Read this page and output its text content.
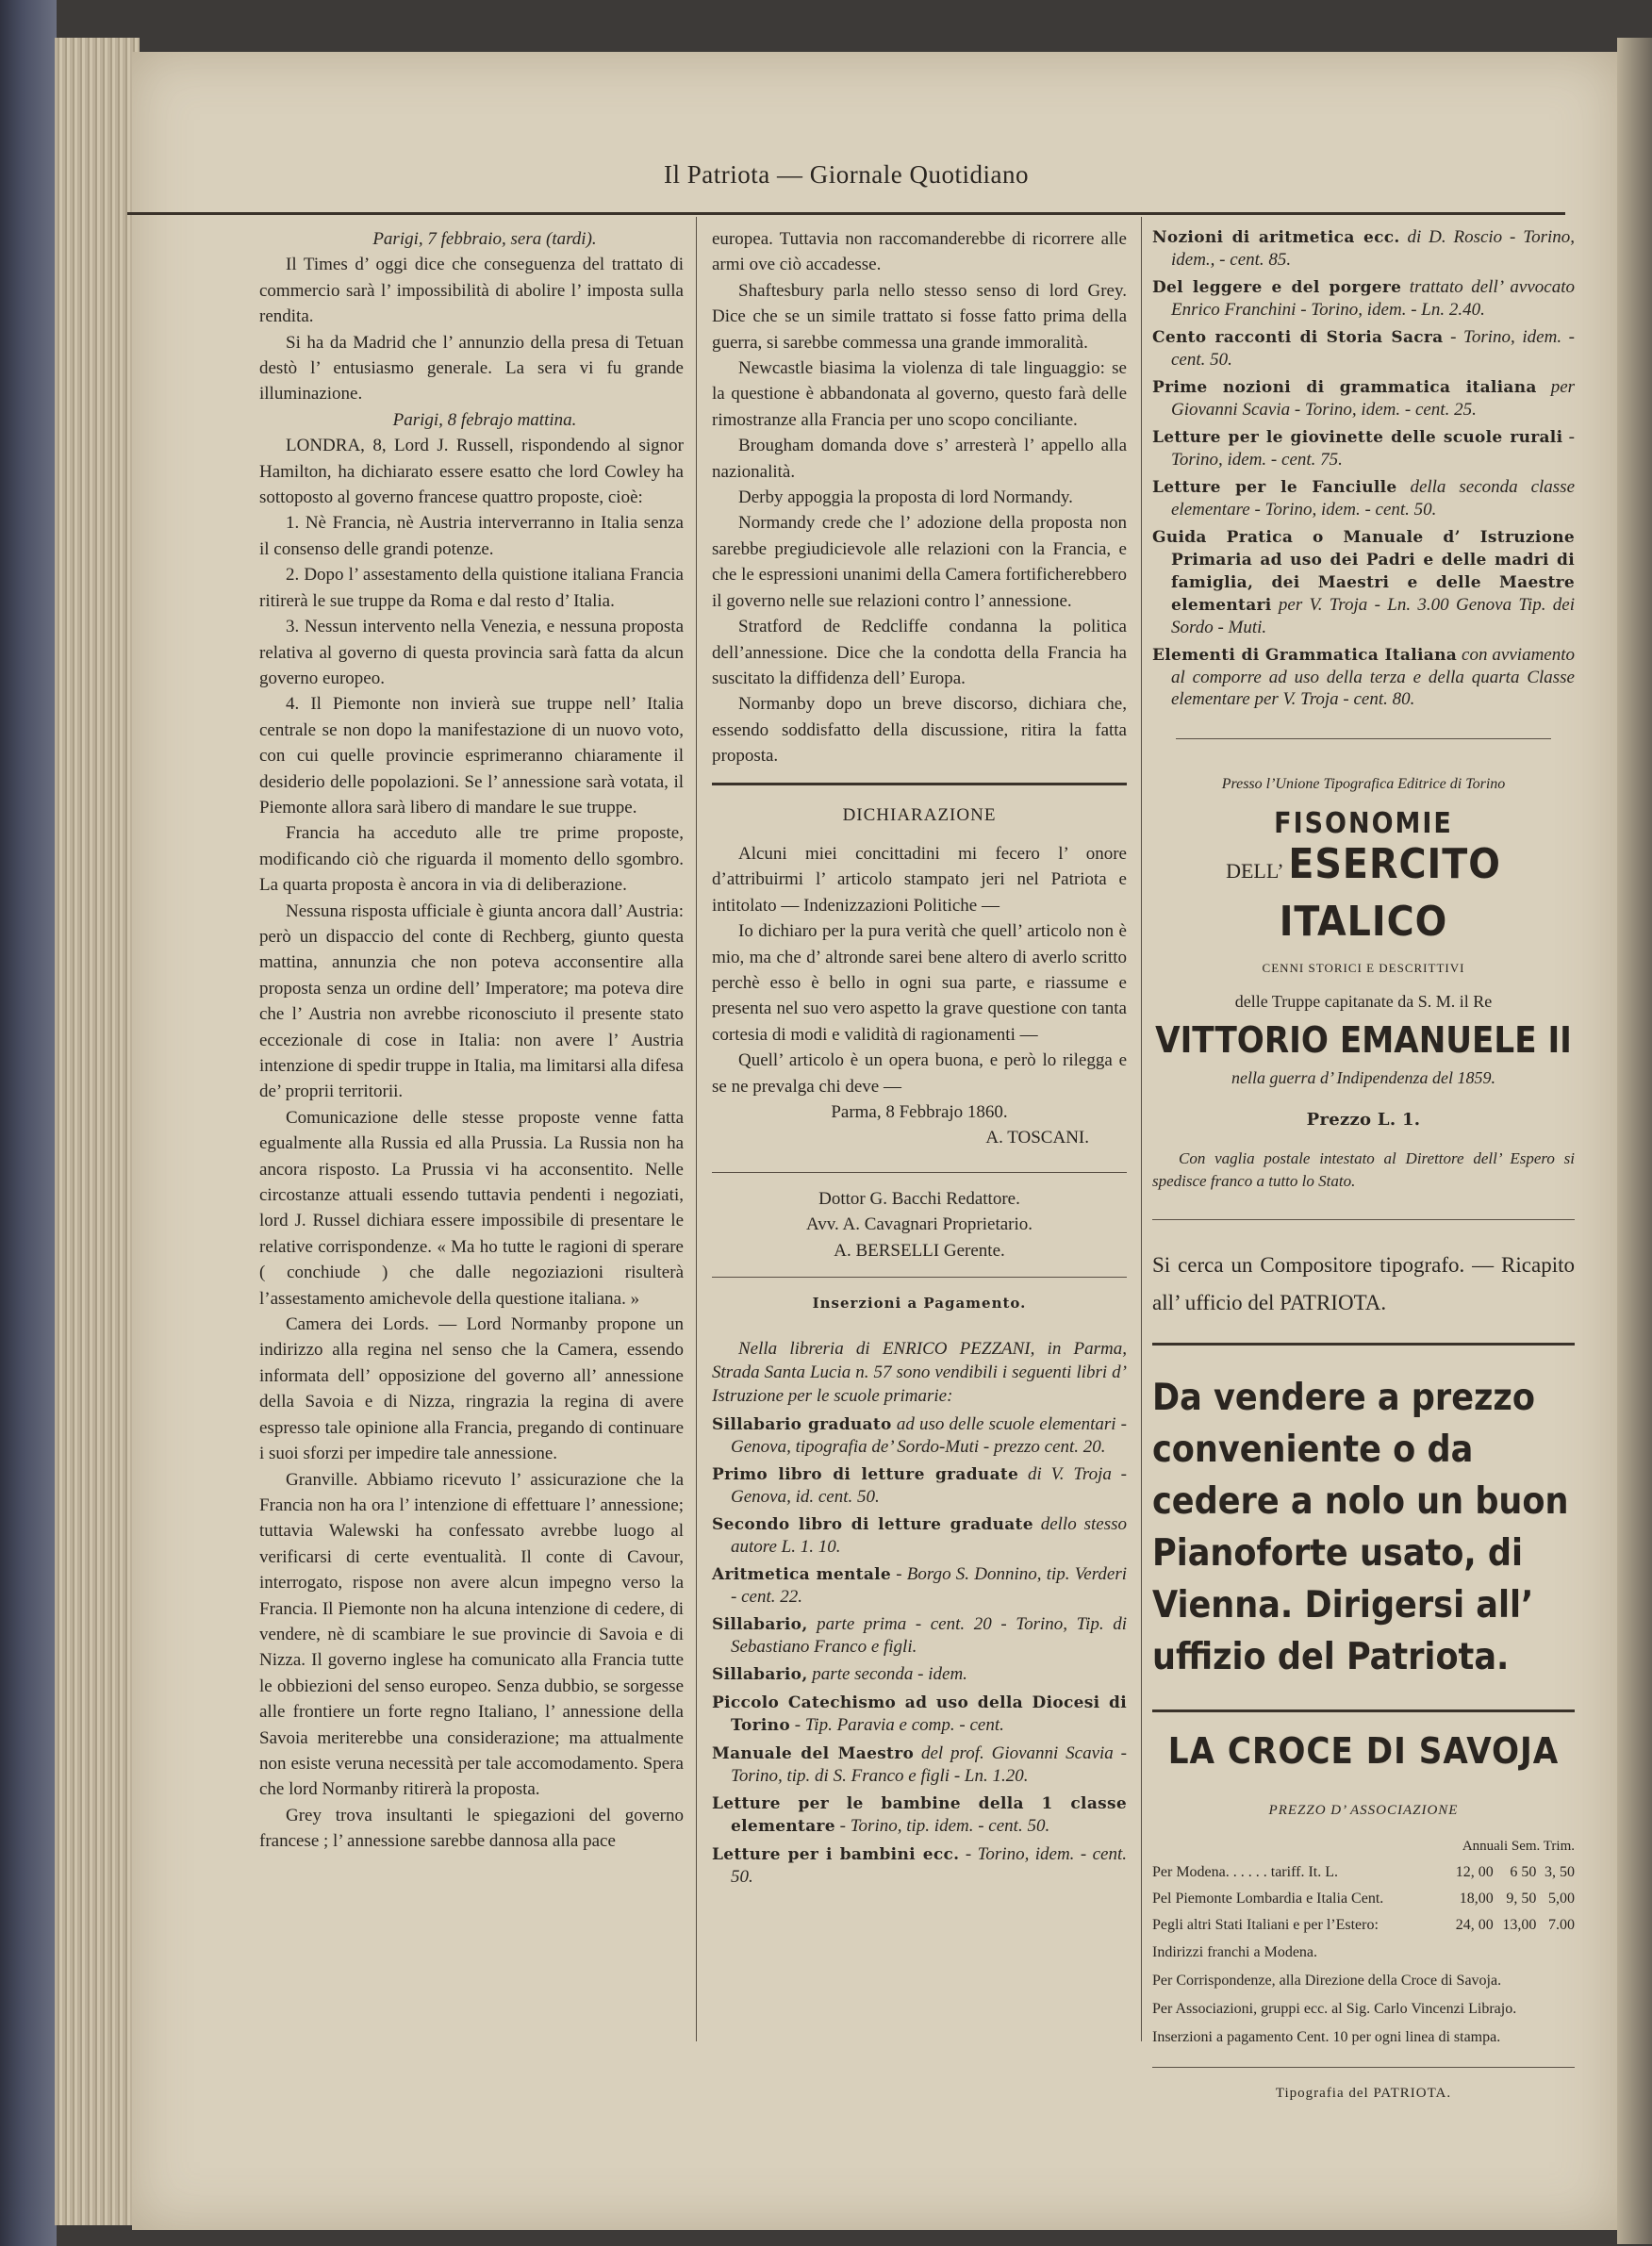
Il Patriota — Giornale Quotidiano

Parigi, 7 febbraio, sera (tardi).

Il Times d’ oggi dice che conseguenza del trattato di commercio sarà l’ impossibilità di abolire l’ imposta sulla rendita.

Si ha da Madrid che l’ annunzio della presa di Tetuan destò l’ entusiasmo generale. La sera vi fu grande illuminazione.

Parigi, 8 febrajo mattina.

LONDRA, 8, Lord J. Russell, rispondendo al signor Hamilton, ha dichiarato essere esatto che lord Cowley ha sottoposto al governo francese quattro proposte, cioè:

1. Nè Francia, nè Austria interverranno in Italia senza il consenso delle grandi potenze.

2. Dopo l’ assestamento della quistione italiana Francia ritirerà le sue truppe da Roma e dal resto d’ Italia.

3. Nessun intervento nella Venezia, e nessuna proposta relativa al governo di questa provincia sarà fatta da alcun governo europeo.

4. Il Piemonte non invierà sue truppe nell’ Italia centrale se non dopo la manifestazione di un nuovo voto, con cui quelle provincie esprimeranno chiaramente il desiderio delle popolazioni. Se l’ annessione sarà votata, il Piemonte allora sarà libero di mandare le sue truppe.

Francia ha acceduto alle tre prime proposte, modificando ciò che riguarda il momento dello sgombro. La quarta proposta è ancora in via di deliberazione.

Nessuna risposta ufficiale è giunta ancora dall’ Austria: però un dispaccio del conte di Rechberg, giunto questa mattina, annunzia che non poteva acconsentire alla proposta senza un ordine dell’ Imperatore; ma poteva dire che l’ Austria non avrebbe riconosciuto il presente stato eccezionale di cose in Italia: non avere l’ Austria intenzione di spedir truppe in Italia, ma limitarsi alla difesa de’ proprii territorii.

Comunicazione delle stesse proposte venne fatta egualmente alla Russia ed alla Prussia. La Russia non ha ancora risposto. La Prussia vi ha acconsentito. Nelle circostanze attuali essendo tuttavia pendenti i negoziati, lord J. Russel dichiara essere impossibile di presentare le relative corrispondenze. « Ma ho tutte le ragioni di sperare ( conchiude ) che dalle negoziazioni risulterà l’assestamento amichevole della questione italiana. »

Camera dei Lords. — Lord Normanby propone un indirizzo alla regina nel senso che la Camera, essendo informata dell’ opposizione del governo all’ annessione della Savoia e di Nizza, ringrazia la regina di avere espresso tale opinione alla Francia, pregando di continuare i suoi sforzi per impedire tale annessione.

Granville. Abbiamo ricevuto l’ assicurazione che la Francia non ha ora l’ intenzione di effettuare l’ annessione; tuttavia Walewski ha confessato avrebbe luogo al verificarsi di certe eventualità. Il conte di Cavour, interrogato, rispose non avere alcun impegno verso la Francia. Il Piemonte non ha alcuna intenzione di cedere, di vendere, nè di scambiare le sue provincie di Savoia e di Nizza. Il governo inglese ha comunicato alla Francia tutte le obbiezioni del senso europeo. Senza dubbio, se sorgesse alle frontiere un forte regno Italiano, l’ annessione della Savoia meriterebbe una considerazione; ma attualmente non esiste veruna necessità per tale accomodamento. Spera che lord Normanby ritirerà la proposta.

Grey trova insultanti le spiegazioni del governo francese ; l’ annessione sarebbe dannosa alla pace

europea. Tuttavia non raccomanderebbe di ricorrere alle armi ove ciò accadesse.

Shaftesbury parla nello stesso senso di lord Grey. Dice che se un simile trattato si fosse fatto prima della guerra, si sarebbe commessa una grande immoralità.

Newcastle biasima la violenza di tale linguaggio: se la questione è abbandonata al governo, questo farà delle rimostranze alla Francia per uno scopo conciliante.

Brougham domanda dove s’ arresterà l’ appello alla nazionalità.

Derby appoggia la proposta di lord Normandy.

Normandy crede che l’ adozione della proposta non sarebbe pregiudicievole alle relazioni con la Francia, e che le espressioni unanimi della Camera fortificherebbero il governo nelle sue relazioni contro l’ annessione.

Stratford de Redcliffe condanna la politica dell’annessione. Dice che la condotta della Francia ha suscitato la diffidenza dell’ Europa.

Normanby dopo un breve discorso, dichiara che, essendo soddisfatto della discussione, ritira la fatta proposta.

DICHIARAZIONE

Alcuni miei concittadini mi fecero l’ onore d’attribuirmi l’ articolo stampato jeri nel Patriota e intitolato — Indenizzazioni Politiche —

Io dichiaro per la pura verità che quell’ articolo non è mio, ma che d’ altronde sarei bene altero di averlo scritto perchè esso è bello in ogni sua parte, e riassume e presenta nel suo vero aspetto la grave questione con tanta cortesia di modi e validità di ragionamenti —

Quell’ articolo è un opera buona, e però lo rilegga e se ne prevalga chi deve —

Parma, 8 Febbrajo 1860.

A. TOSCANI.

Dottor G. Bacchi Redattore.
Avv. A. Cavagnari Proprietario.
A. BERSELLI Gerente.

Inserzioni a Pagamento.

Nella libreria di ENRICO PEZZANI, in Parma, Strada Santa Lucia n. 57 sono vendibili i seguenti libri d’ Istruzione per le scuole primarie:

Sillabario graduato ad uso delle scuole elementari - Genova, tipografia de’ Sordo-Muti - prezzo cent. 20.

Primo libro di letture graduate di V. Troja - Genova, id. cent. 50.

Secondo libro di letture graduate dello stesso autore L. 1. 10.

Aritmetica mentale - Borgo S. Donnino, tip. Verderi - cent. 22.

Sillabario, parte prima - cent. 20 - Torino, Tip. di Sebastiano Franco e figli.

Sillabario, parte seconda - idem.

Piccolo Catechismo ad uso della Diocesi di Torino - Tip. Paravia e comp. - cent.

Manuale del Maestro del prof. Giovanni Scavia - Torino, tip. di S. Franco e figli - Ln. 1.20.

Letture per le bambine della 1 classe elementare - Torino, tip. idem. - cent. 50.

Letture per i bambini ecc. - Torino, idem. - cent. 50.

Nozioni di aritmetica ecc. di D. Roscio - Torino, idem., - cent. 85.

Del leggere e del porgere trattato dell’ avvocato Enrico Franchini - Torino, idem. - Ln. 2.40.

Cento racconti di Storia Sacra - Torino, idem. - cent. 50.

Prime nozioni di grammatica italiana per Giovanni Scavia - Torino, idem. - cent. 25.

Letture per le giovinette delle scuole rurali - Torino, idem. - cent. 75.

Letture per le Fanciulle della seconda classe elementare - Torino, idem. - cent. 50.

Guida Pratica o Manuale d’ Istruzione Primaria ad uso dei Padri e delle madri di famiglia, dei Maestri e delle Maestre elementari per V. Troja - Ln. 3.00 Genova Tip. dei Sordo - Muti.

Elementi di Grammatica Italiana con avviamento al comporre ad uso della terza e della quarta Classe elementare per V. Troja - cent. 80.

Presso l’Unione Tipografica Editrice di Torino
FISONOMIE
DELL’ ESERCITO ITALICO
CENNI STORICI E DESCRITTIVI
delle Truppe capitanate da S. M. il Re
VITTORIO EMANUELE II
nella guerra d’ Indipendenza del 1859.
Prezzo L. 1.
Con vaglia postale intestato al Direttore dell’ Espero si spedisce franco a tutto lo Stato.

Si cerca un Compositore tipografo. — Ricapito all’ ufficio del PATRIOTA.

Da vendere a prezzo conveniente o da cedere a nolo un buon Pianoforte usato, di Vienna. Dirigersi all’ uffizio del Patriota.

LA CROCE DI SAVOJA
PREZZO D’ ASSOCIAZIONE
Annuali Sem. Trim.
Per Modena. . . . . . tariff. It. L.	12, 00	6 50	3, 50
Pel Piemonte Lombardia e Italia Cent.	18,00	9, 50	5,00
Pegli altri Stati Italiani e per l’Estero:	24, 00	13,00	7.00
Indirizzi franchi a Modena.
Per Corrispondenze, alla Direzione della Croce di Savoja.
Per Associazioni, gruppi ecc. al Sig. Carlo Vincenzi Librajo.
Inserzioni a pagamento Cent. 10 per ogni linea di stampa.
Tipografia del PATRIOTA.
